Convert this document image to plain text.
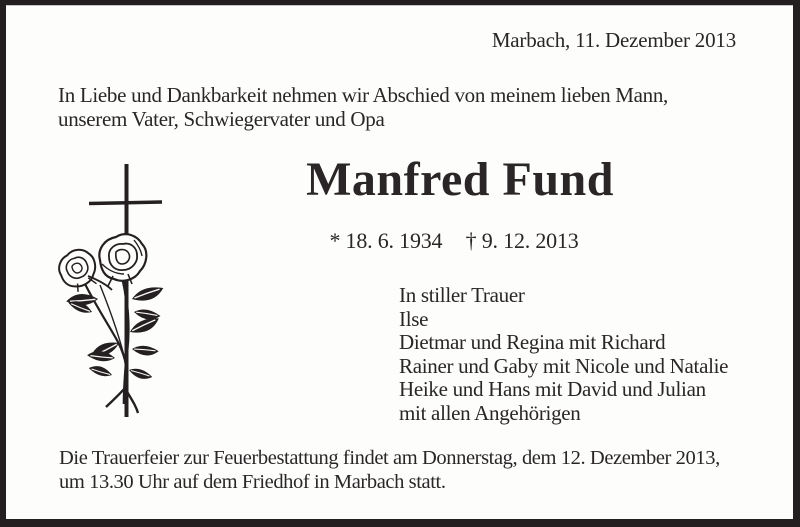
Marbach, 11. Dezember 2013
In Liebe und Dankbarkeit nehmen wir Abschied von meinem lieben Mann,
unserem Vater, Schwiegervater und Opa
Manfred Fund
* 18. 6. 1934 † 9. 12. 2013
In stiller Trauer
Ilse
Dietmar und Regina mit Richard
Rainer und Gaby mit Nicole und Natalie
Heike und Hans mit David und Julian
mit allen Angehörigen
Die Trauerfeier zur Feuerbestattung findet am Donnerstag, dem 12. Dezember 2013,
um 13.30 Uhr auf dem Friedhof in Marbach statt.
